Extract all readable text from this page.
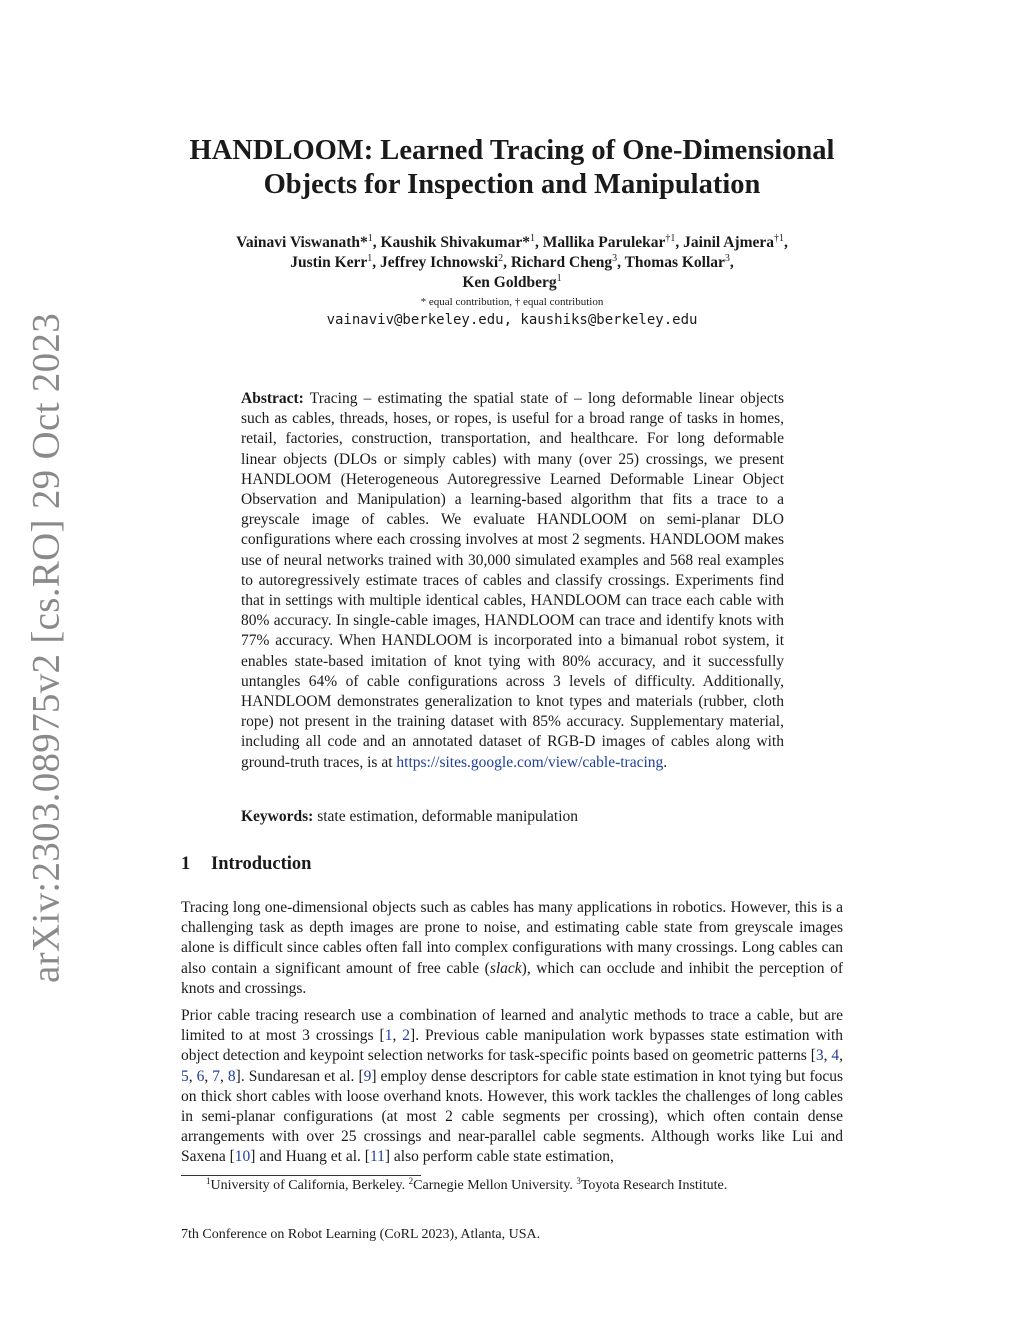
arXiv:2303.08975v2 [cs.RO] 29 Oct 2023
HANDLOOM: Learned Tracing of One-Dimensional
Objects for Inspection and Manipulation
Vainavi Viswanath*$^1$, Kaushik Shivakumar*$^1$, Mallika Parulekar$^{\dagger 1}$, Jainil Ajmera$^{\dagger 1}$,
Justin Kerr$^1$, Jeffrey Ichnowski$^2$, Richard Cheng$^3$, Thomas Kollar$^3$,
Ken Goldberg$^1$
* equal contribution, † equal contribution
vainaviv@berkeley.edu, kaushiks@berkeley.edu
Abstract: Tracing – estimating the spatial state of – long deformable linear objects such as cables, threads, hoses, or ropes, is useful for a broad range of tasks in homes, retail, factories, construction, transportation, and healthcare. For long deformable linear objects (DLOs or simply cables) with many (over 25) crossings, we present HANDLOOM (Heterogeneous Autoregressive Learned Deformable Linear Object Observation and Manipulation) a learning-based algorithm that fits a trace to a greyscale image of cables. We evaluate HANDLOOM on semi-planar DLO configurations where each crossing involves at most 2 segments. HANDLOOM makes use of neural networks trained with 30,000 simulated examples and 568 real examples to autoregressively estimate traces of cables and classify crossings. Experiments find that in settings with multiple identical cables, HANDLOOM can trace each cable with 80% accuracy. In single-cable images, HANDLOOM can trace and identify knots with 77% accuracy. When HANDLOOM is incorporated into a bimanual robot system, it enables state-based imitation of knot tying with 80% accuracy, and it successfully untangles 64% of cable configurations across 3 levels of difficulty. Additionally, HANDLOOM demonstrates generalization to knot types and materials (rubber, cloth rope) not present in the training dataset with 85% accuracy. Supplementary material, including all code and an annotated dataset of RGB-D images of cables along with ground-truth traces, is at https://sites.google.com/view/cable-tracing.
Keywords: state estimation, deformable manipulation
1 Introduction
Tracing long one-dimensional objects such as cables has many applications in robotics. However, this is a challenging task as depth images are prone to noise, and estimating cable state from greyscale images alone is difficult since cables often fall into complex configurations with many crossings. Long cables can also contain a significant amount of free cable (slack), which can occlude and inhibit the perception of knots and crossings.
Prior cable tracing research use a combination of learned and analytic methods to trace a cable, but are limited to at most 3 crossings [1, 2]. Previous cable manipulation work bypasses state estimation with object detection and keypoint selection networks for task-specific points based on geometric patterns [3, 4, 5, 6, 7, 8]. Sundaresan et al. [9] employ dense descriptors for cable state estimation in knot tying but focus on thick short cables with loose overhand knots. However, this work tackles the challenges of long cables in semi-planar configurations (at most 2 cable segments per crossing), which often contain dense arrangements with over 25 crossings and near-parallel cable segments. Although works like Lui and Saxena [10] and Huang et al. [11] also perform cable state estimation,
$^1$University of California, Berkeley. $^2$Carnegie Mellon University. $^3$Toyota Research Institute.
7th Conference on Robot Learning (CoRL 2023), Atlanta, USA.
